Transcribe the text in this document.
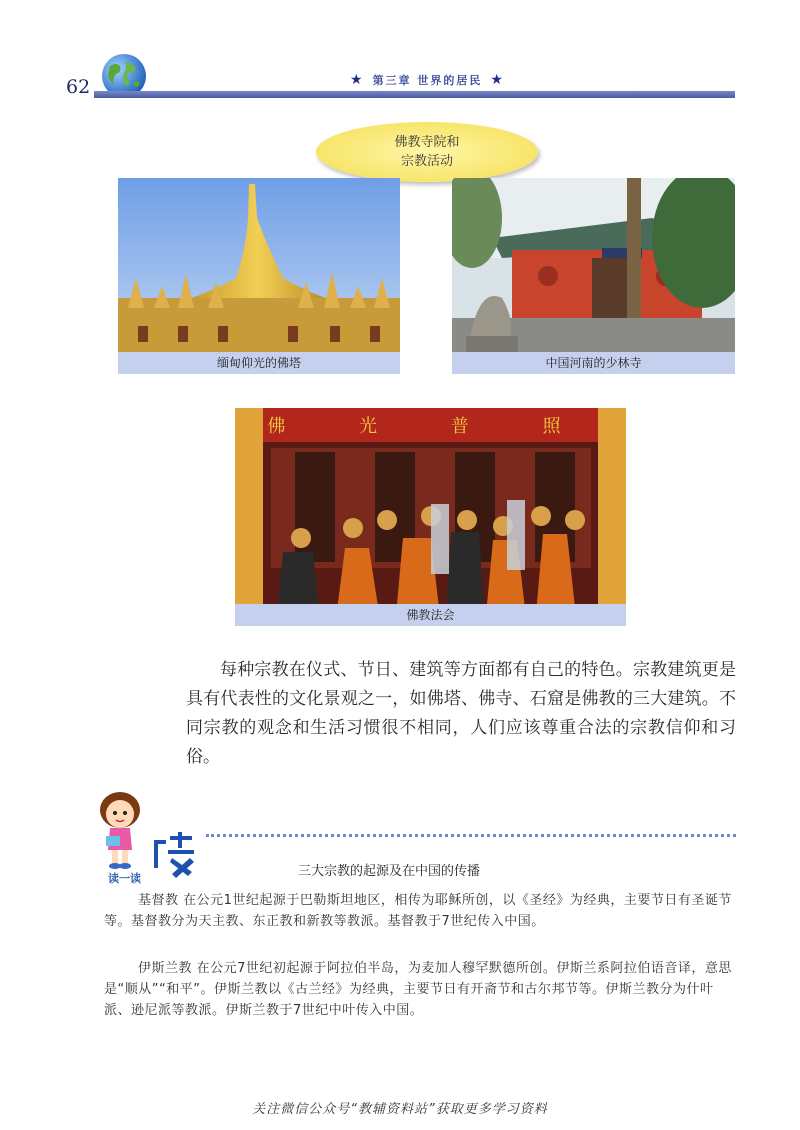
62	★ 第三章 世界的居民 ★
佛教寺院和
宗教活动
缅甸仰光的佛塔	中国河南的少林寺
佛 光 普 照
佛教法会
每种宗教在仪式、节日、建筑等方面都有自己的特色。宗教建筑更是具有代表性的文化景观之一，如佛塔、佛寺、石窟是佛教的三大建筑。不同宗教的观念和生活习惯很不相同，人们应该尊重合法的宗教信仰和习俗。
读一读	三大宗教的起源及在中国的传播
基督教 在公元1世纪起源于巴勒斯坦地区，相传为耶稣所创，以《圣经》为经典，主要节日有圣诞节等。基督教分为天主教、东正教和新教等教派。基督教于7世纪传入中国。
伊斯兰教 在公元7世纪初起源于阿拉伯半岛，为麦加人穆罕默德所创。伊斯兰系阿拉伯语音译，意思是“顺从”“和平”。伊斯兰教以《古兰经》为经典，主要节日有开斋节和古尔邦节等。伊斯兰教分为什叶派、逊尼派等教派。伊斯兰教于7世纪中叶传入中国。
关注微信公众号“教辅资料站”获取更多学习资料
